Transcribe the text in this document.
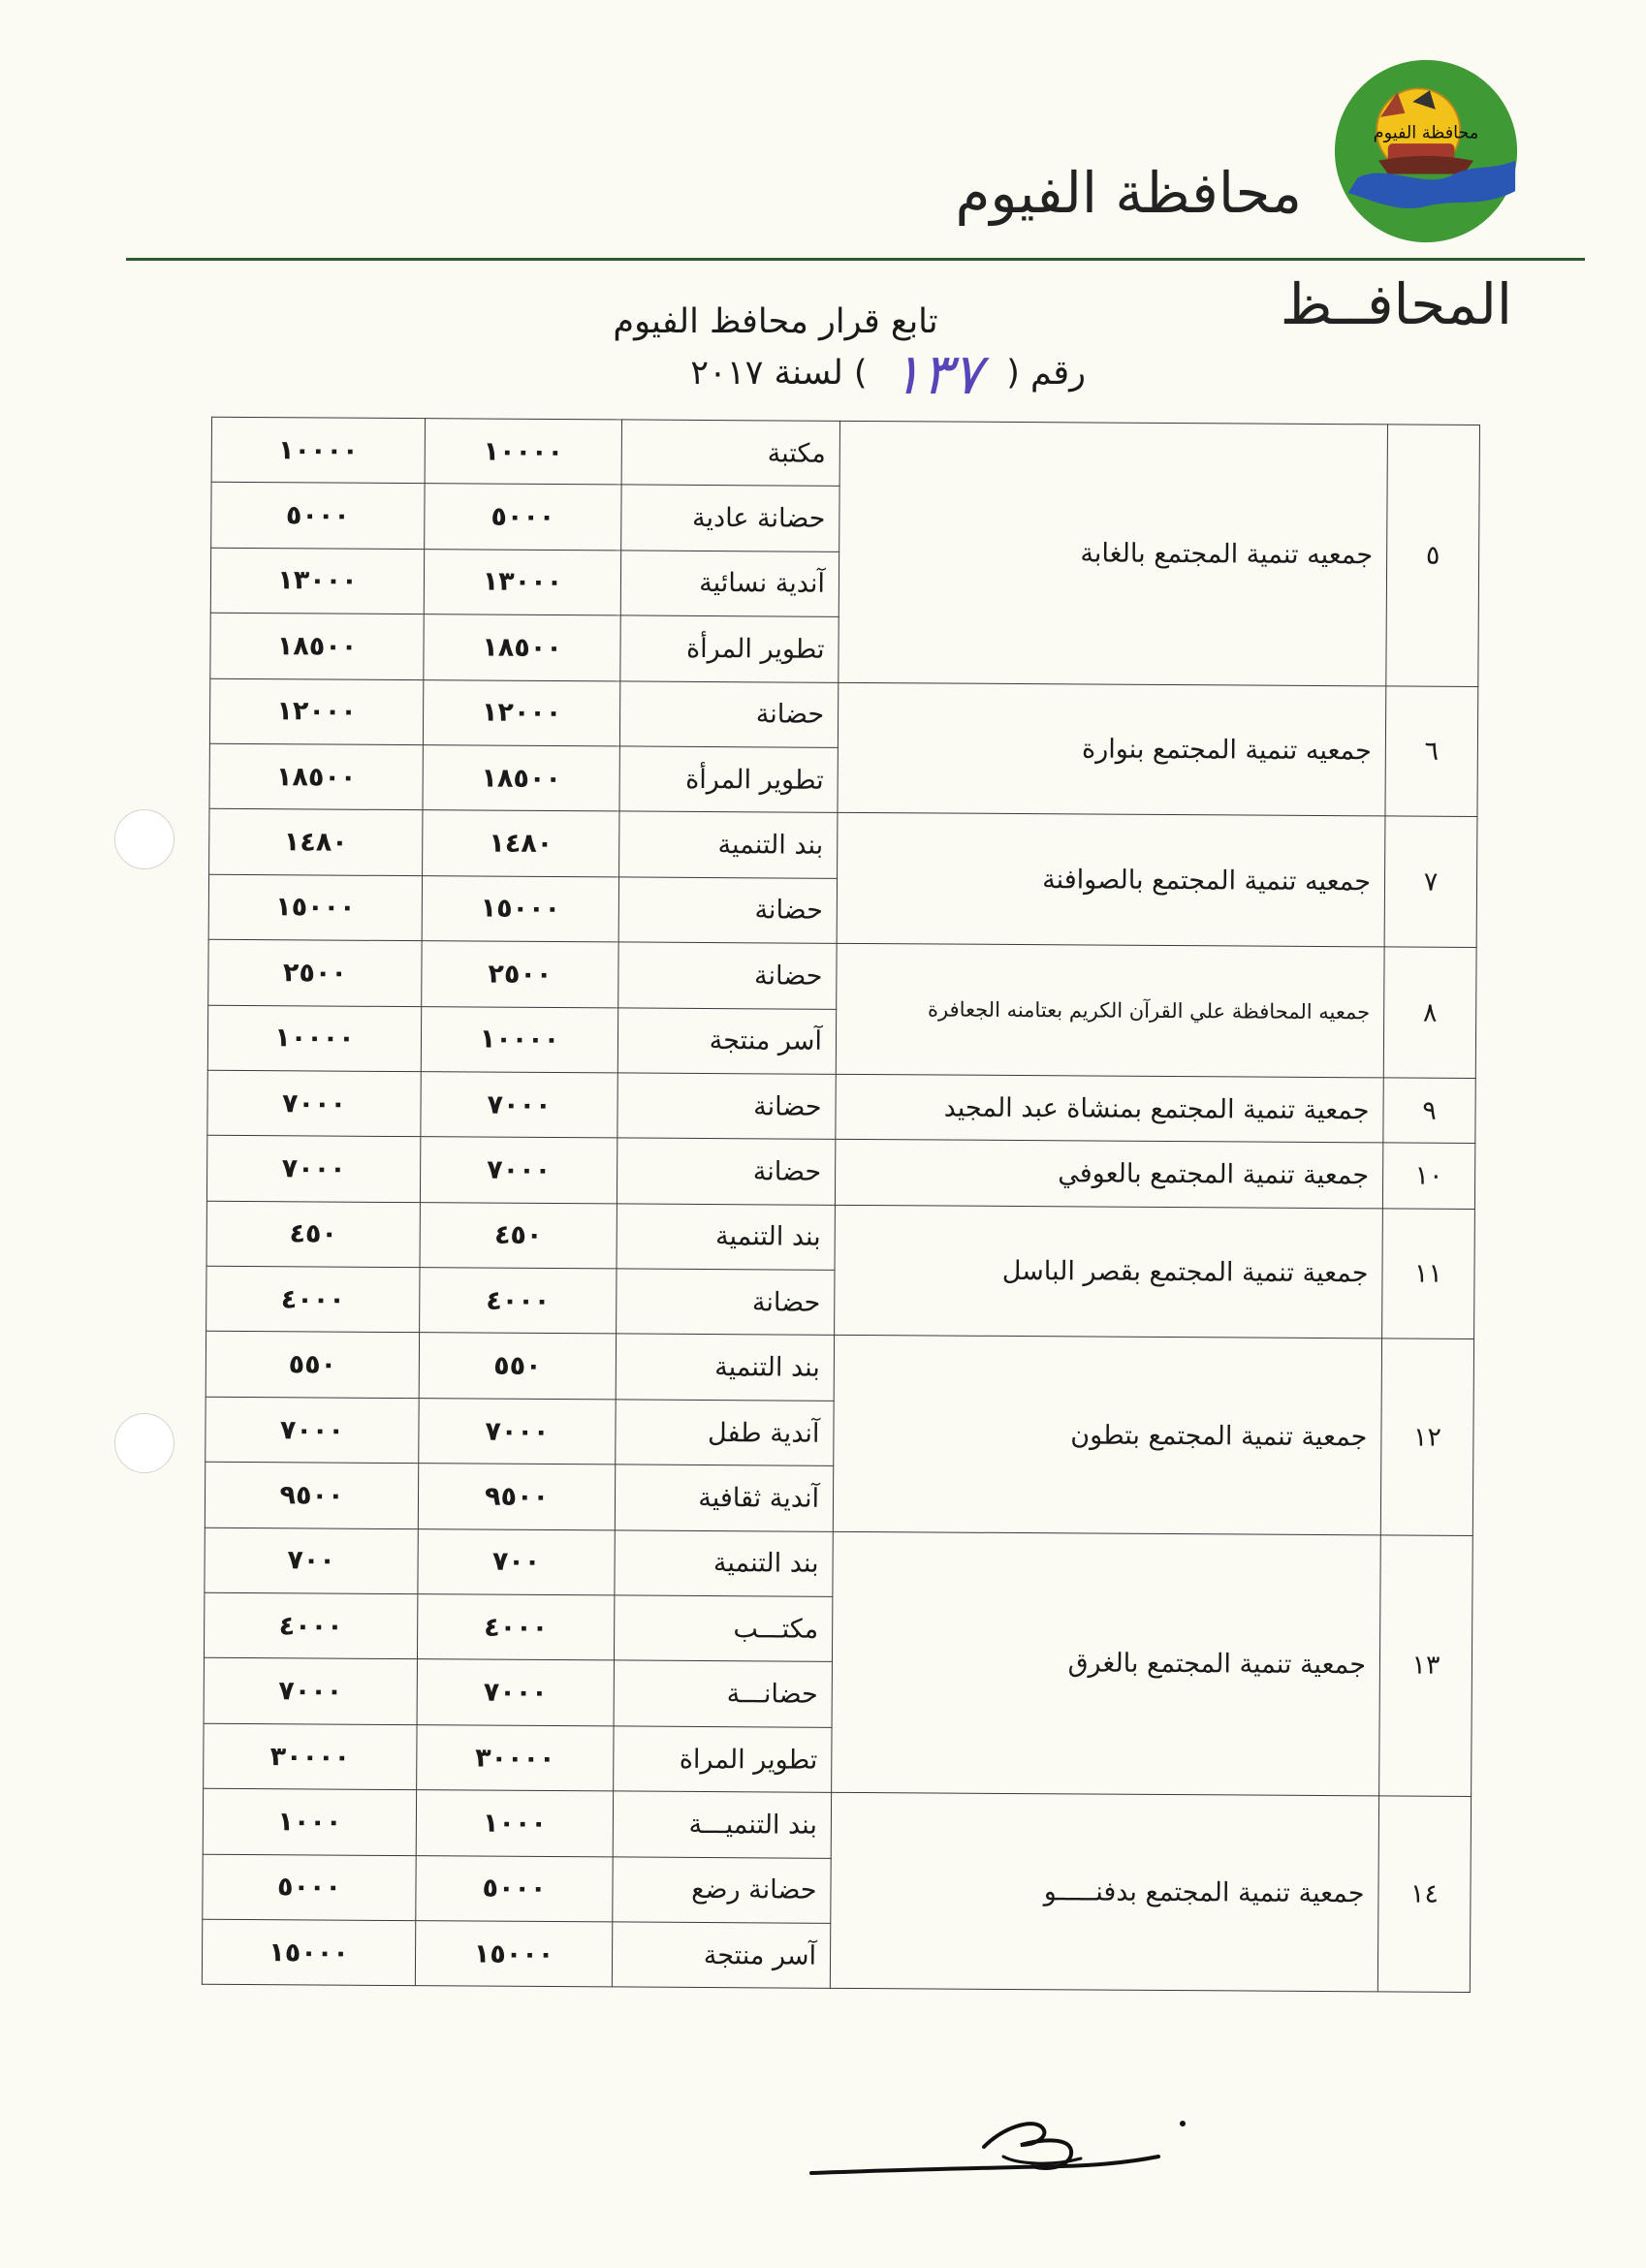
محافظة الفيوم
محافظة الفيوم
المحافــظ
تابع قرار محافظ الفيوم
رقم ( ١٣٧ ) لسنة ٢٠١٧
٥	جمعيه تنمية المجتمع بالغابة	مكتبة	١٠٠٠٠	١٠٠٠٠
		حضانة عادية	٥٠٠٠	٥٠٠٠
		آندية نسائية	١٣٠٠٠	١٣٠٠٠
		تطوير المرأة	١٨٥٠٠	١٨٥٠٠
٦	جمعيه تنمية المجتمع بنوارة	حضانة	١٢٠٠٠	١٢٠٠٠
		تطوير المرأة	١٨٥٠٠	١٨٥٠٠
٧	جمعيه تنمية المجتمع بالصوافنة	بند التنمية	١٤٨٠	١٤٨٠
		حضانة	١٥٠٠٠	١٥٠٠٠
٨	جمعيه المحافظة علي القرآن الكريم بعتامنه الجعافرة	حضانة	٢٥٠٠	٢٥٠٠
		آسر منتجة	١٠٠٠٠	١٠٠٠٠
٩	جمعية تنمية المجتمع بمنشاة عبد المجيد	حضانة	٧٠٠٠	٧٠٠٠
١٠	جمعية تنمية المجتمع بالعوفي	حضانة	٧٠٠٠	٧٠٠٠
١١	جمعية تنمية المجتمع بقصر الباسل	بند التنمية	٤٥٠	٤٥٠
		حضانة	٤٠٠٠	٤٠٠٠
١٢	جمعية تنمية المجتمع بتطون	بند التنمية	٥٥٠	٥٥٠
		آندية طفل	٧٠٠٠	٧٠٠٠
		آندية ثقافية	٩٥٠٠	٩٥٠٠
١٣	جمعية تنمية المجتمع بالغرق	بند التنمية	٧٠٠	٧٠٠
		مكتـــب	٤٠٠٠	٤٠٠٠
		حضانـــة	٧٠٠٠	٧٠٠٠
		تطوير المراة	٣٠٠٠٠	٣٠٠٠٠
١٤	جمعية تنمية المجتمع بدفنـــــو	بند التنميـــة	١٠٠٠	١٠٠٠
		حضانة رضع	٥٠٠٠	٥٠٠٠
		آسر منتجة	١٥٠٠٠	١٥٠٠٠
